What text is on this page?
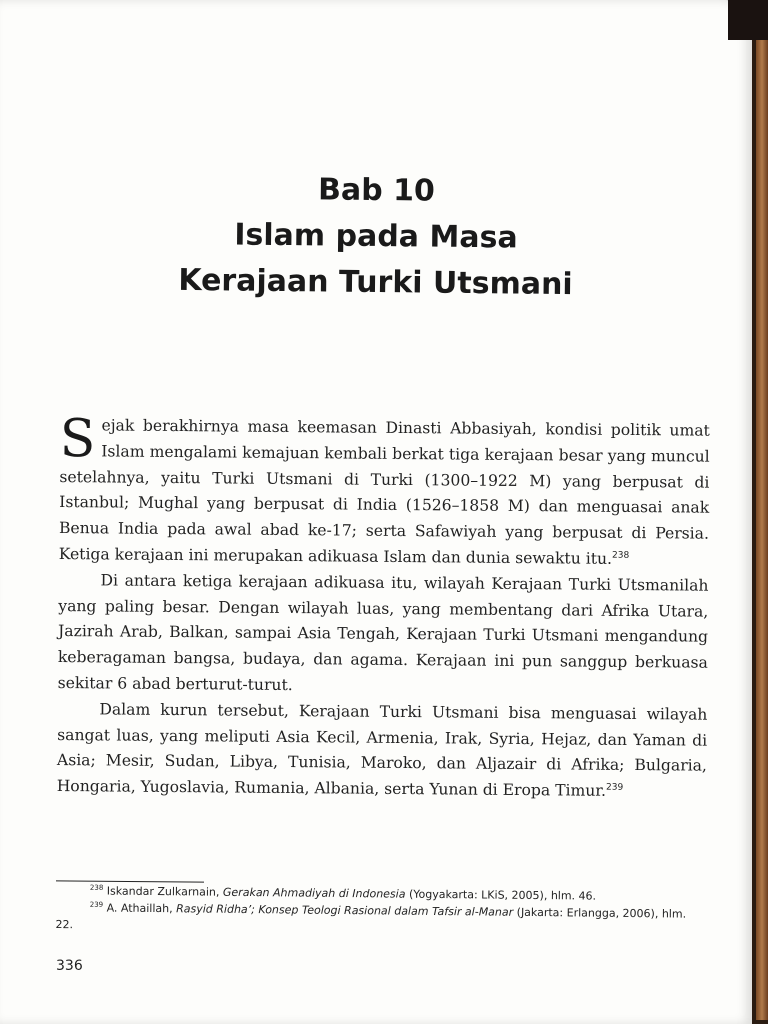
Bab 10
Islam pada Masa
Kerajaan Turki Utsmani

Sejak berakhirnya masa keemasan Dinasti Abbasiyah, kondisi politik umat Islam mengalami kemajuan kembali berkat tiga kerajaan besar yang muncul setelahnya, yaitu Turki Utsmani di Turki (1300–1922 M) yang berpusat di Istanbul; Mughal yang berpusat di India (1526–1858 M) dan menguasai anak Benua India pada awal abad ke-17; serta Safawiyah yang berpusat di Persia. Ketiga kerajaan ini merupakan adikuasa Islam dan dunia sewaktu itu.$^{238}$

Di antara ketiga kerajaan adikuasa itu, wilayah Kerajaan Turki Utsmanilah yang paling besar. Dengan wilayah luas, yang membentang dari Afrika Utara, Jazirah Arab, Balkan, sampai Asia Tengah, Kerajaan Turki Utsmani mengandung keberagaman bangsa, budaya, dan agama. Kerajaan ini pun sanggup berkuasa sekitar 6 abad berturut-turut.

Dalam kurun tersebut, Kerajaan Turki Utsmani bisa menguasai wilayah sangat luas, yang meliputi Asia Kecil, Armenia, Irak, Syria, Hejaz, dan Yaman di Asia; Mesir, Sudan, Libya, Tunisia, Maroko, dan Aljazair di Afrika; Bulgaria, Hongaria, Yugoslavia, Rumania, Albania, serta Yunan di Eropa Timur.$^{239}$

$^{238}$ Iskandar Zulkarnain, Gerakan Ahmadiyah di Indonesia (Yogyakarta: LKiS, 2005), hlm. 46.

$^{239}$ A. Athaillah, Rasyid Ridha’; Konsep Teologi Rasional dalam Tafsir al-Manar (Jakarta: Erlangga, 2006), hlm. 22.

336
